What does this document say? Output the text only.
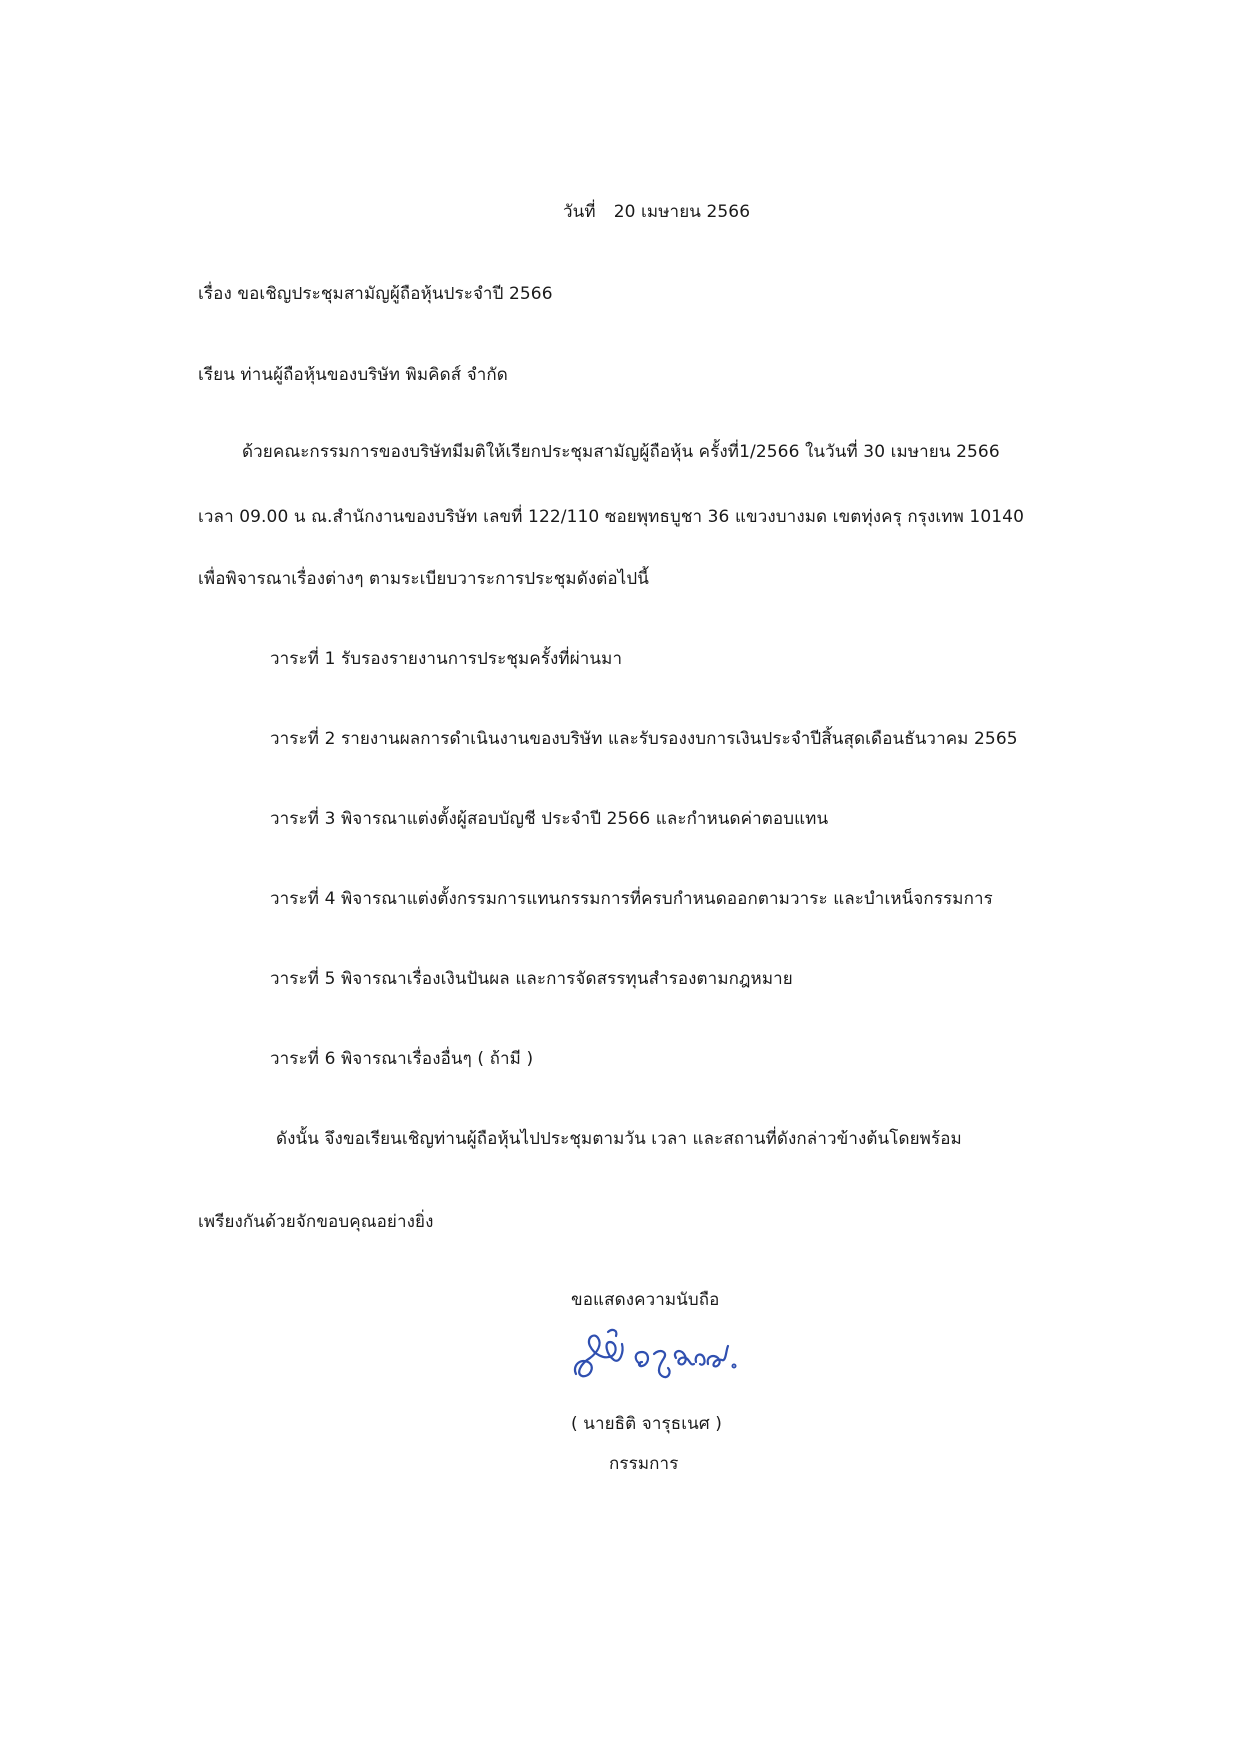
วันที่ 20 เมษายน 2566
เรื่อง ขอเชิญประชุมสามัญผู้ถือหุ้นประจำปี 2566
เรียน ท่านผู้ถือหุ้นของบริษัท พิมคิดส์ จำกัด
ด้วยคณะกรรมการของบริษัทมีมติให้เรียกประชุมสามัญผู้ถือหุ้น ครั้งที่1/2566 ในวันที่ 30 เมษายน 2566
เวลา 09.00 น ณ.สำนักงานของบริษัท เลขที่ 122/110 ซอยพุทธบูชา 36 แขวงบางมด เขตทุ่งครุ กรุงเทพ 10140
เพื่อพิจารณาเรื่องต่างๆ ตามระเบียบวาระการประชุมดังต่อไปนี้
วาระที่ 1 รับรองรายงานการประชุมครั้งที่ผ่านมา
วาระที่ 2 รายงานผลการดำเนินงานของบริษัท และรับรองงบการเงินประจำปีสิ้นสุดเดือนธันวาคม 2565
วาระที่ 3 พิจารณาแต่งตั้งผู้สอบบัญชี ประจำปี 2566 และกำหนดค่าตอบแทน
วาระที่ 4 พิจารณาแต่งตั้งกรรมการแทนกรรมการที่ครบกำหนดออกตามวาระ และบำเหน็จกรรมการ
วาระที่ 5 พิจารณาเรื่องเงินปันผล และการจัดสรรทุนสำรองตามกฎหมาย
วาระที่ 6 พิจารณาเรื่องอื่นๆ ( ถ้ามี )
ดังนั้น จึงขอเรียนเชิญท่านผู้ถือหุ้นไปประชุมตามวัน เวลา และสถานที่ดังกล่าวข้างต้นโดยพร้อม
เพรียงกันด้วยจักขอบคุณอย่างยิ่ง
ขอแสดงความนับถือ
( นายธิติ จารุธเนศ )
กรรมการ
